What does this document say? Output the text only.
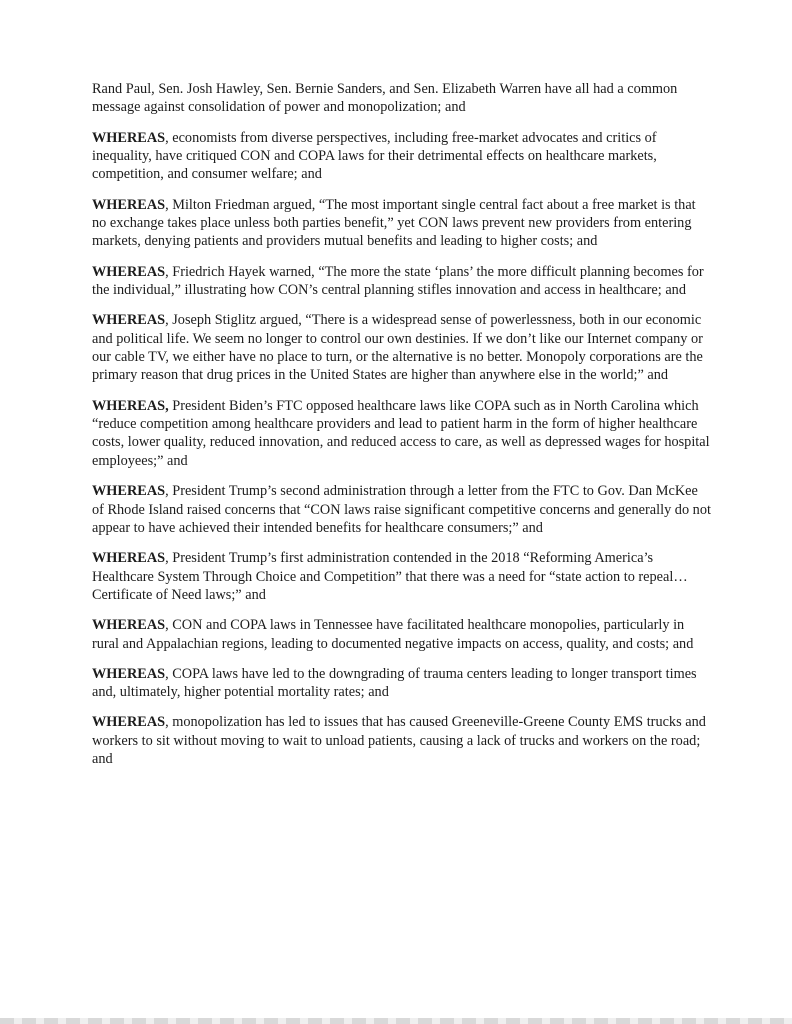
Rand Paul, Sen. Josh Hawley, Sen. Bernie Sanders, and Sen. Elizabeth Warren have all had a common message against consolidation of power and monopolization; and

WHEREAS, economists from diverse perspectives, including free-market advocates and critics of inequality, have critiqued CON and COPA laws for their detrimental effects on healthcare markets, competition, and consumer welfare; and

WHEREAS, Milton Friedman argued, “The most important single central fact about a free market is that no exchange takes place unless both parties benefit,” yet CON laws prevent new providers from entering markets, denying patients and providers mutual benefits and leading to higher costs; and

WHEREAS, Friedrich Hayek warned, “The more the state ‘plans’ the more difficult planning becomes for the individual,” illustrating how CON’s central planning stifles innovation and access in healthcare; and

WHEREAS, Joseph Stiglitz argued, “There is a widespread sense of powerlessness, both in our economic and political life. We seem no longer to control our own destinies. If we don’t like our Internet company or our cable TV, we either have no place to turn, or the alternative is no better. Monopoly corporations are the primary reason that drug prices in the United States are higher than anywhere else in the world;” and

WHEREAS, President Biden’s FTC opposed healthcare laws like COPA such as in North Carolina which “reduce competition among healthcare providers and lead to patient harm in the form of higher healthcare costs, lower quality, reduced innovation, and reduced access to care, as well as depressed wages for hospital employees;” and

WHEREAS, President Trump’s second administration through a letter from the FTC to Gov. Dan McKee of Rhode Island raised concerns that “CON laws raise significant competitive concerns and generally do not appear to have achieved their intended benefits for healthcare consumers;” and

WHEREAS, President Trump’s first administration contended in the 2018 “Reforming America’s Healthcare System Through Choice and Competition” that there was a need for “state action to repeal… Certificate of Need laws;” and

WHEREAS, CON and COPA laws in Tennessee have facilitated healthcare monopolies, particularly in rural and Appalachian regions, leading to documented negative impacts on access, quality, and costs; and

WHEREAS, COPA laws have led to the downgrading of trauma centers leading to longer transport times and, ultimately, higher potential mortality rates; and

WHEREAS, monopolization has led to issues that has caused Greeneville-Greene County EMS trucks and workers to sit without moving to wait to unload patients, causing a lack of trucks and workers on the road; and
